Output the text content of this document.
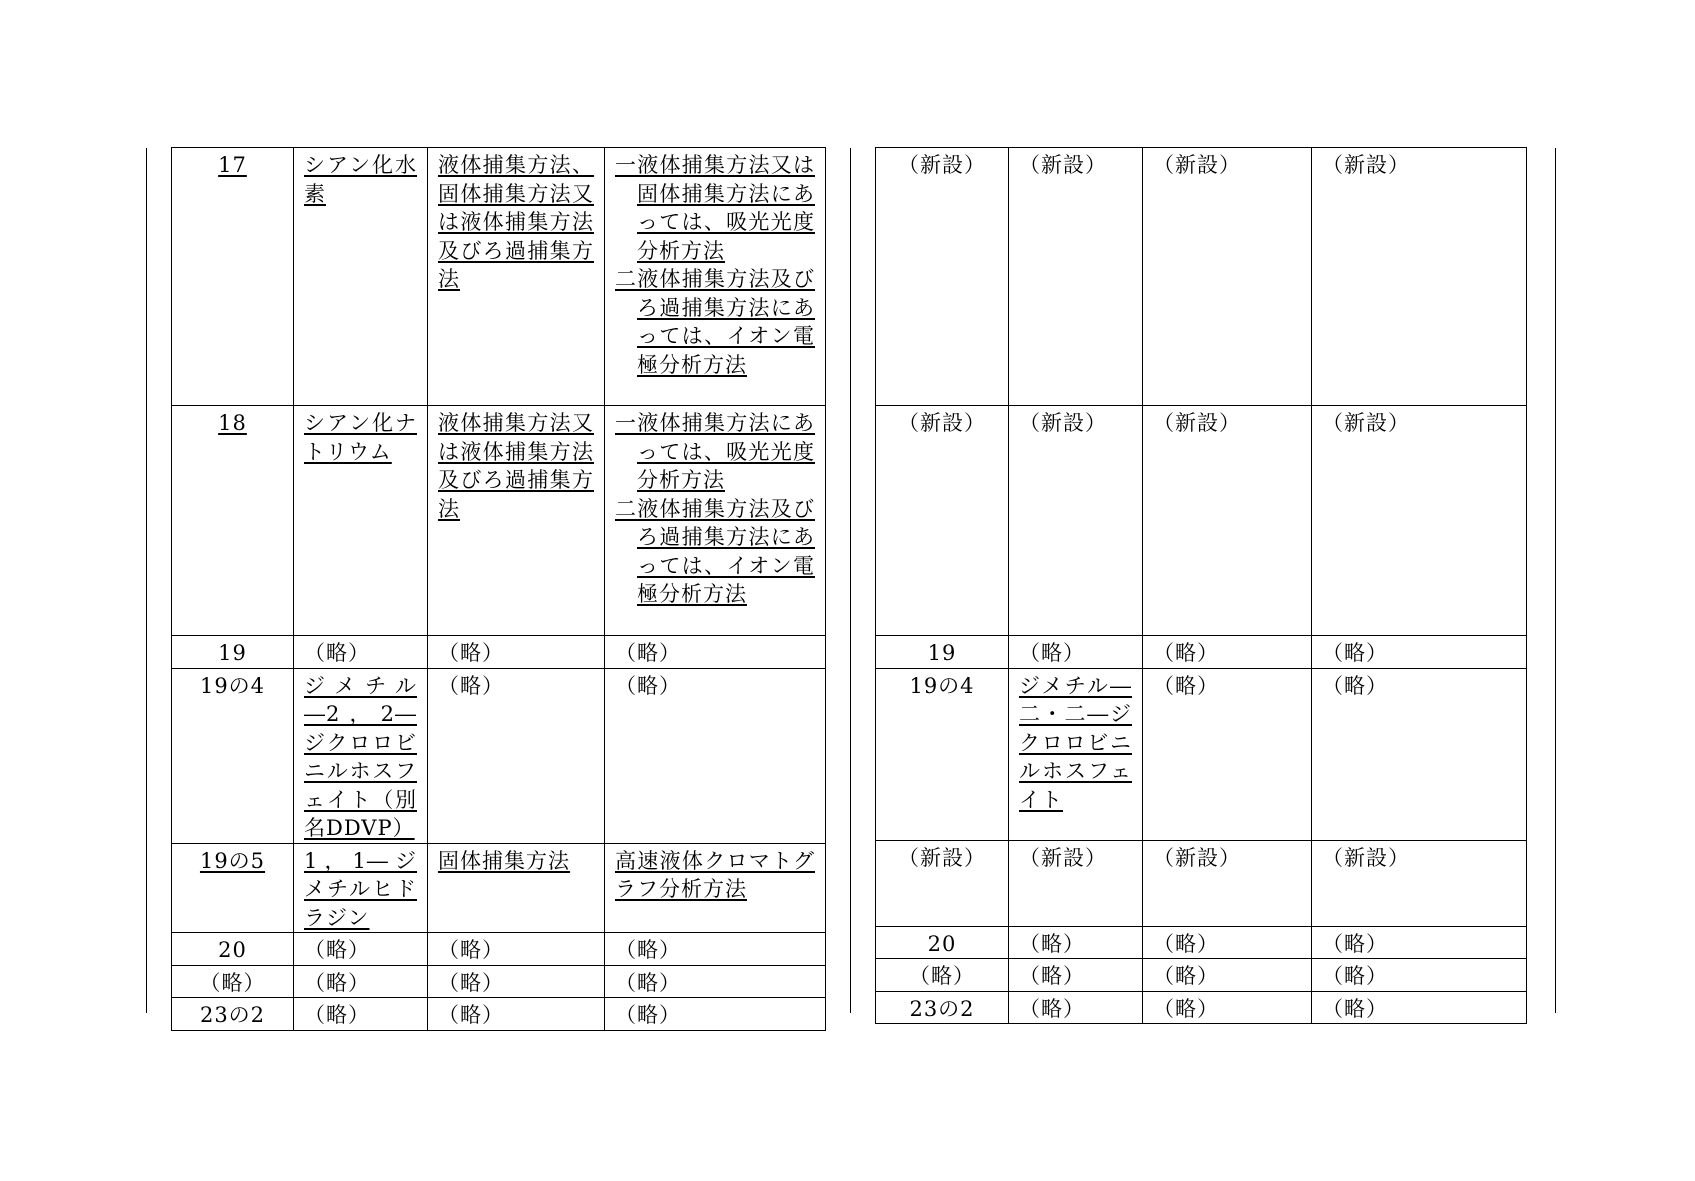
17	シアン化水素	液体捕集方法、固体捕集方法又は液体捕集方法及びろ過捕集方法	一液体捕集方法又は固体捕集方法にあっては、吸光光度分析方法
二液体捕集方法及びろ過捕集方法にあっては、イオン電極分析方法

18	シアン化ナトリウム	液体捕集方法又は液体捕集方法及びろ過捕集方法	一液体捕集方法にあっては、吸光光度分析方法
二液体捕集方法及びろ過捕集方法にあっては、イオン電極分析方法

19	（略）	（略）	（略）
19の4	ジメチル―2，2―ジクロロビニルホスフェイト（別名DDVP）	（略）	（略）
19の5	1，1―ジメチルヒドラジン	固体捕集方法	高速液体クロマトグラフ分析方法
20	（略）	（略）	（略）
（略）	（略）	（略）	（略）
23の2	（略）	（略）	（略）
（新設）	（新設）	（新設）	（新設）
（新設）	（新設）	（新設）	（新設）
19	（略）	（略）	（略）
19の4	ジメチル―二・二―ジクロロビニルホスフェイト	（略）	（略）
（新設）	（新設）	（新設）	（新設）
20	（略）	（略）	（略）
（略）	（略）	（略）	（略）
23の2	（略）	（略）	（略）
